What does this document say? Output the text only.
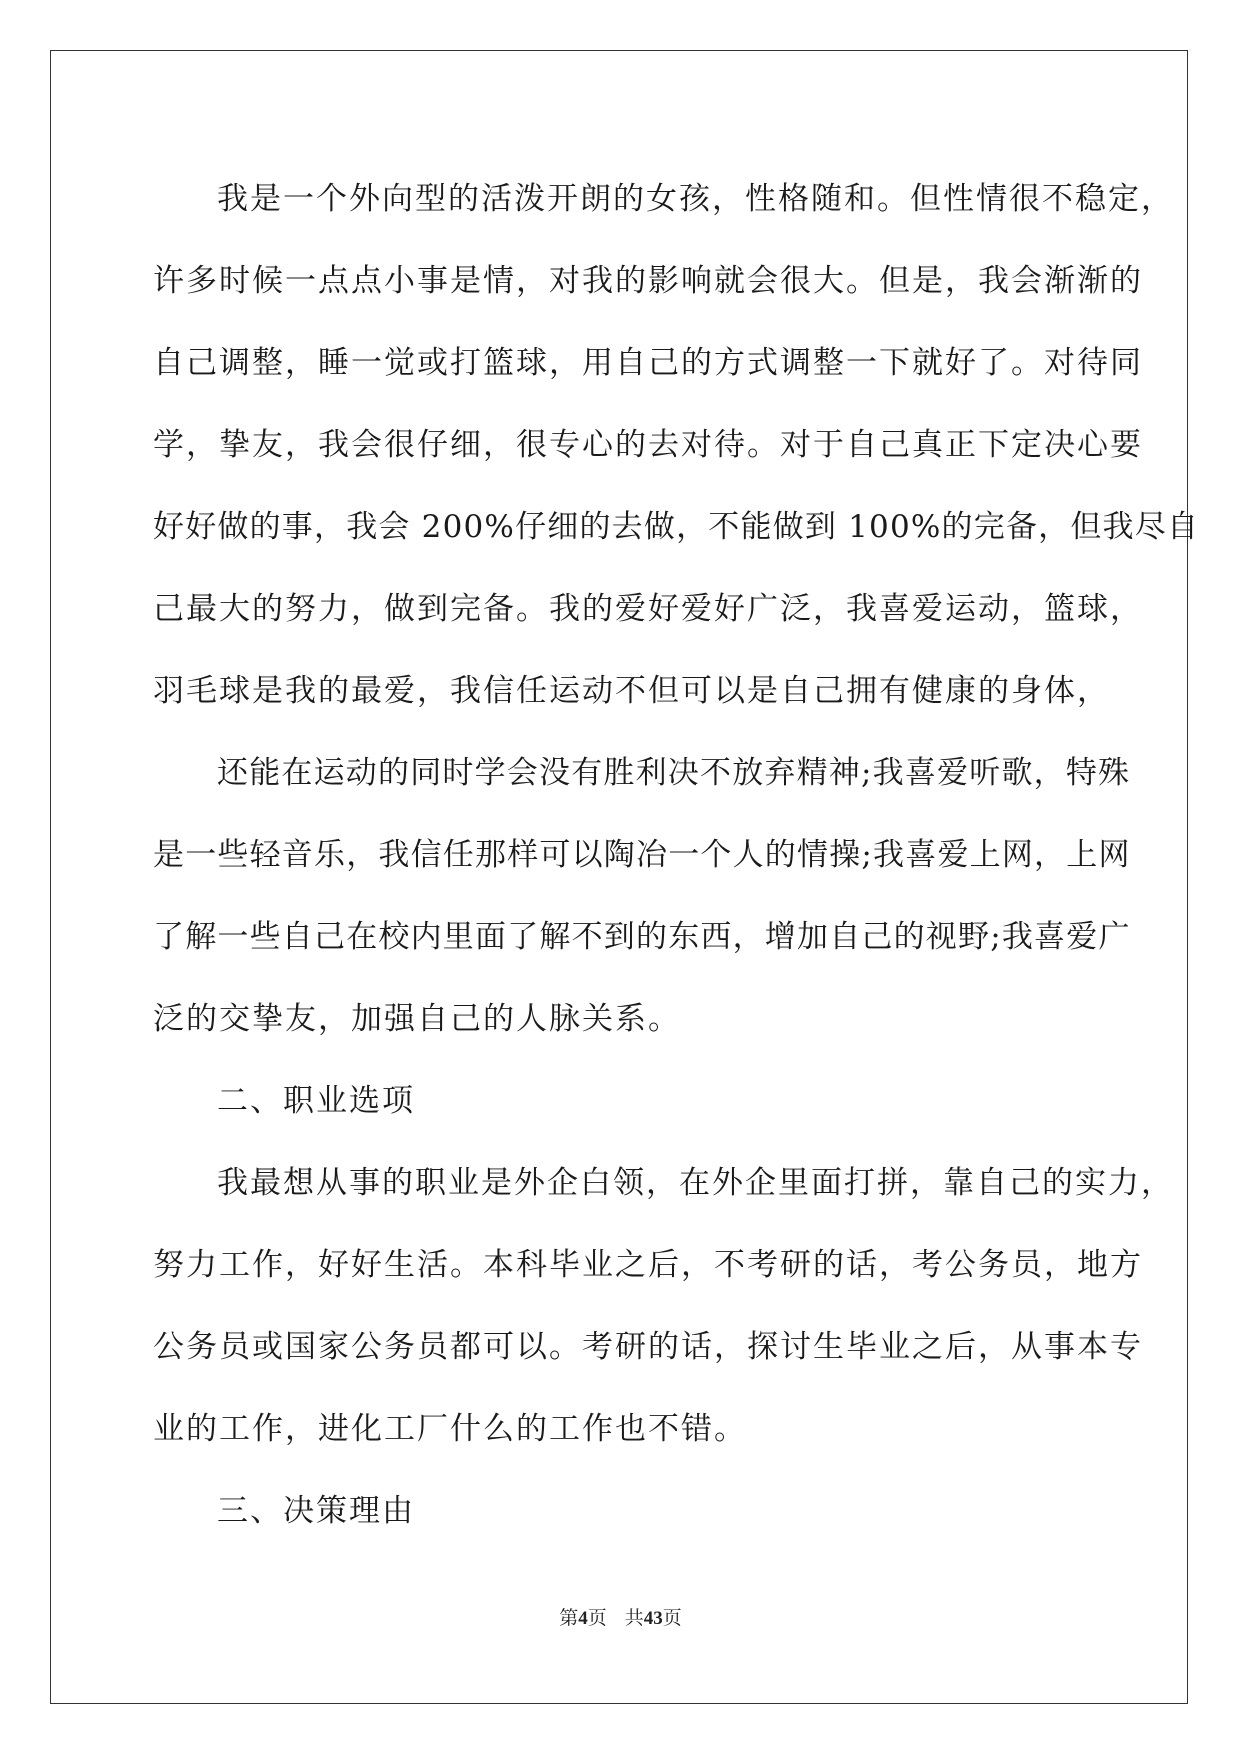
我是一个外向型的活泼开朗的女孩，性格随和。但性情很不稳定，
许多时候一点点小事是情，对我的影响就会很大。但是，我会渐渐的
自己调整，睡一觉或打篮球，用自己的方式调整一下就好了。对待同
学，挚友，我会很仔细，很专心的去对待。对于自己真正下定决心要
好好做的事，我会 200%仔细的去做，不能做到 100%的完备，但我尽自
己最大的努力，做到完备。我的爱好爱好广泛，我喜爱运动，篮球，
羽毛球是我的最爱，我信任运动不但可以是自己拥有健康的身体，
还能在运动的同时学会没有胜利决不放弃精神;我喜爱听歌，特殊
是一些轻音乐，我信任那样可以陶冶一个人的情操;我喜爱上网，上网
了解一些自己在校内里面了解不到的东西，增加自己的视野;我喜爱广
泛的交挚友，加强自己的人脉关系。
二、职业选项
我最想从事的职业是外企白领，在外企里面打拼，靠自己的实力，
努力工作，好好生活。本科毕业之后，不考研的话，考公务员，地方
公务员或国家公务员都可以。考研的话，探讨生毕业之后，从事本专
业的工作，进化工厂什么的工作也不错。
三、决策理由
第4页 共43页
